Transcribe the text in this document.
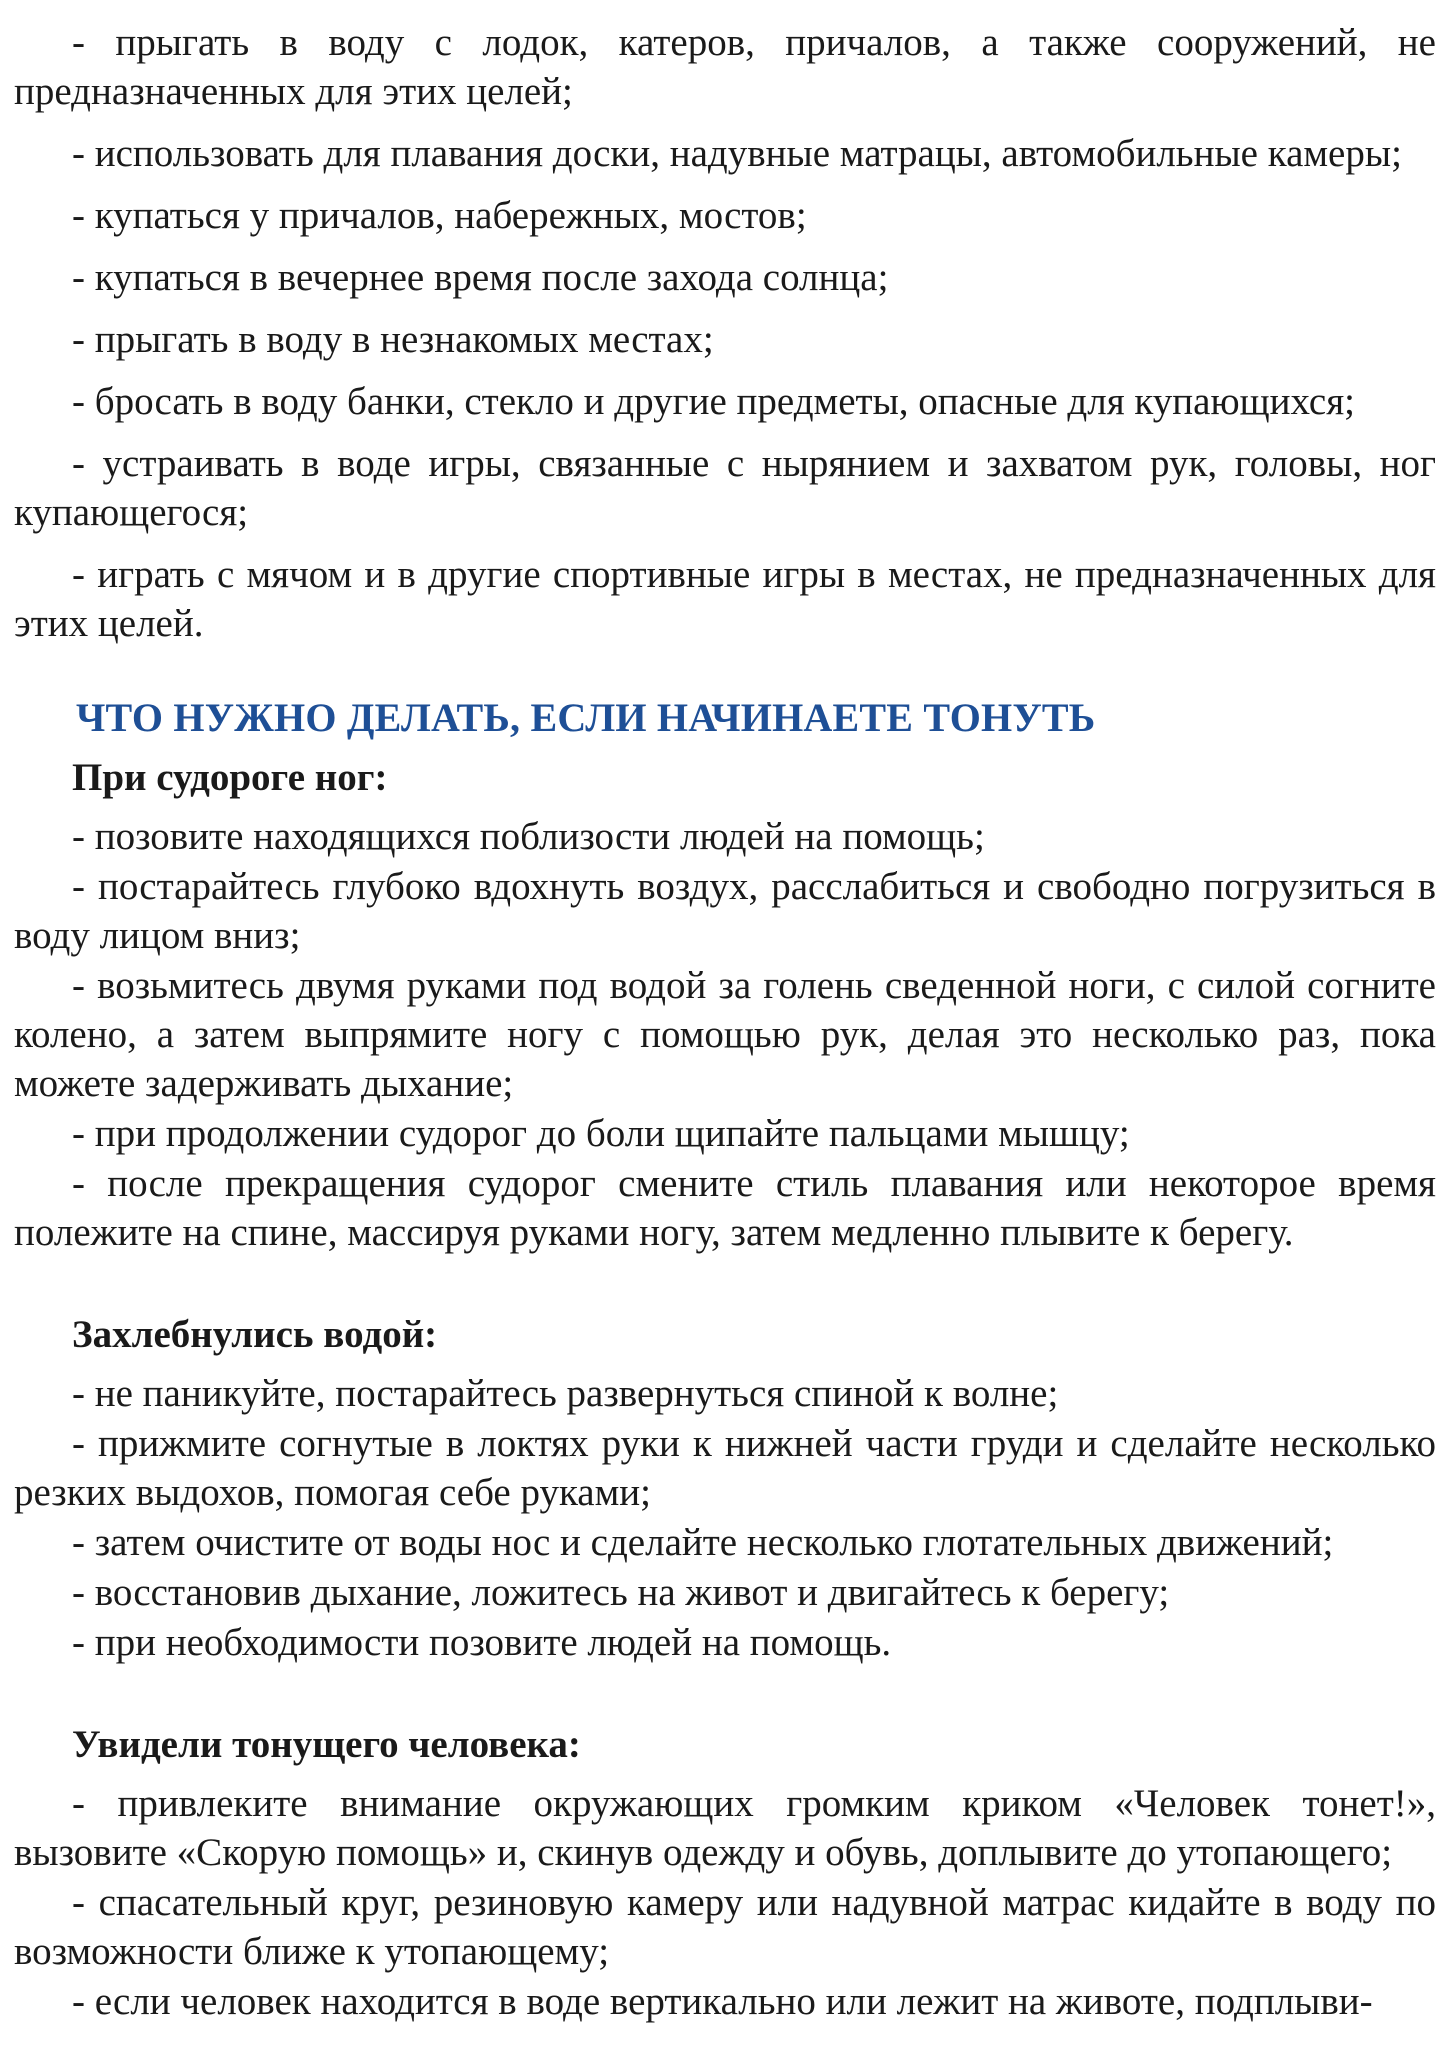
- прыгать в воду с лодок, катеров, причалов, а также сооружений, не предназначенных для этих целей;

- использовать для плавания доски, надувные матрацы, автомобильные камеры;

- купаться у причалов, набережных, мостов;

- купаться в вечернее время после захода солнца;

- прыгать в воду в незнакомых местах;

- бросать в воду банки, стекло и другие предметы, опасные для купающихся;

- устраивать в воде игры, связанные с нырянием и захватом рук, головы, ног купающегося;

- играть с мячом и в другие спортивные игры в местах, не предназначенных для этих целей.

ЧТО НУЖНО ДЕЛАТЬ, ЕСЛИ НАЧИНАЕТЕ ТОНУТЬ
При судороге ног:

- позовите находящихся поблизости людей на помощь;

- постарайтесь глубоко вдохнуть воздух, расслабиться и свободно погрузиться в воду лицом вниз;

- возьмитесь двумя руками под водой за голень сведенной ноги, с силой согните колено, а затем выпрямите ногу с помощью рук, делая это несколько раз, пока можете задерживать дыхание;

- при продолжении судорог до боли щипайте пальцами мышцу;

- после прекращения судорог смените стиль плавания или некоторое время полежите на спине, массируя руками ногу, затем медленно плывите к берегу.

Захлебнулись водой:

- не паникуйте, постарайтесь развернуться спиной к волне;

- прижмите согнутые в локтях руки к нижней части груди и сделайте несколько резких выдохов, помогая себе руками;

- затем очистите от воды нос и сделайте несколько глотательных движений;

- восстановив дыхание, ложитесь на живот и двигайтесь к берегу;

- при необходимости позовите людей на помощь.

Увидели тонущего человека:

- привлеките внимание окружающих громким криком «Человек тонет!», вызовите «Скорую помощь» и, скинув одежду и обувь, доплывите до утопающего;

- спасательный круг, резиновую камеру или надувной матрас кидайте в воду по возможности ближе к утопающему;

- если человек находится в воде вертикально или лежит на животе, подплыви-
